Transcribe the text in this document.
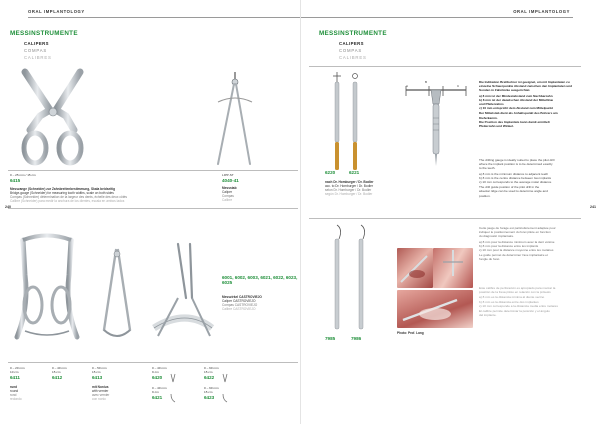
ORAL IMPLANTOLOGY
240
MESSINSTRUMENTE
CALIPERS
COMPAS
CALIBRES
0 – 25 mm / 15 cm
6415
LIPP-ST
4040-41
Messstab
Caliper
Compas
Calibre
Messzange (Schneider) zur Zahnbreitenbestimmung, Skala beidseitig
Bridge-gauge (Schneider) for measuring tooth widths, scale on both sides
Compas (Schneider) détermination de la largeur des dents, échelle des deux côtés
Calibre (Schneider) para medir la anchura de los dientes, escala en ambos lados
6001, 6002, 6003, 6021, 6022, 6023, 6025
Messzirkel CASTROVIEJO
Caliper CASTROVIEJO
Compas CASTROVIEJO
Calibre CASTROVIEJO
0 – 20 mm
10 cm
6411
rund
round
rond
redondo
0 – 40 mm
15 cm
6412
0 – 50 mm
15 cm
6413
mit Nonius
with vernier
avec vernier
con nonio
0 – 40 mm
9 cm
6420
0 – 40 mm
9 cm
6421
0 – 60 mm
15 cm
6422
0 – 60 mm
15 cm
6423
ORAL IMPLANTOLOGY
241
MESSINSTRUMENTE
CALIPERS
COMPAS
CALIBRES
A
B
C
6220	6221
nach Dr. Homburger / Dr. Bodler
acc. to Dr. Homburger / Dr. Bodler
selon Dr. Homburger / Dr. Bodler
según Dr. Homburger / Dr. Bodler
Die Indikation Brettbohrer ist geeignet, um mit Implantaten zu
einzelne Schwerpunkte Abstand zwischen den Implantaten und
Sonden in Zahnlücke ausgerichtet.
a) 8 mm ist der Mindestabstand zum Nachbarzahn
b) 8 mm ist der dazwischen Abstand der Mittellinie
und Pfeilerzahns
c) 10 mm entspricht dem Abstand zum Mittelpunkt
Der Mittelstab dient als Anhaltspunkt des Bohrers am
Kieferkamm.
Die Position des Implantats kann damit ermittelt
Pfeilerzahn und Winkel.
The drilling gauge is ideally suited to place the pilot drill
where the implant position is to be determined exactly
to the teeth.
a) 8 mm is the minimum distance to adjacent teeth
b) 8 mm is the centre distance between two implants
c) 10 mm corresponds to the average molar distance
The drill guide position of the pilot drill in the
alveolar ridge can be used to determine angle and
position.
7985	7986
Photo: Prof. Lang
Cette jauge de forage est particulièrement adaptée pour
indiquer le positionnement du foret pilote en fonction
du diagnostic implantaire.
a) 8 mm pour la distance minimum avec la dent voisine
b) 8 mm pour la distance entre les implants
c) 10 mm pour la distance moyenne entre les molaires
Le guide permet de déterminer l'axe implantaire et
l'angle du foret.
Este calibre de perforación es apropiado para marcar la
posición de la fresa piloto en relación con la prótesis
a) 8 mm es la distancia mínima al diente vecino
b) 8 mm es la distancia entre dos implantes
c) 10 mm corresponde a la distancia media entre molares
El calibre permite determinar la posición y el ángulo
del implante.
